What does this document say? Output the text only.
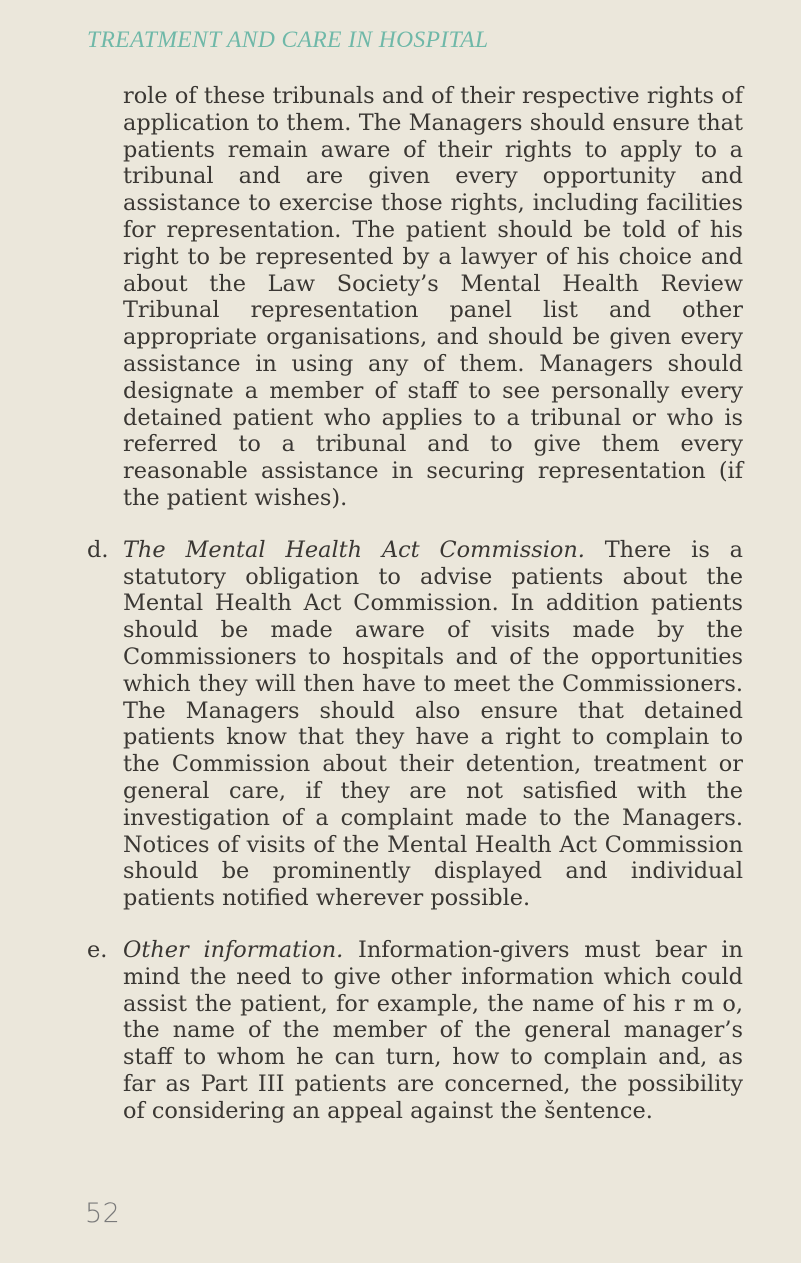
TREATMENT AND CARE IN HOSPITAL

role of these tribunals and of their respective rights of application to them. The Managers should ensure that patients remain aware of their rights to apply to a tribunal and are given every opportunity and assistance to exercise those rights, including facilities for representation. The patient should be told of his right to be represented by a lawyer of his choice and about the Law Society’s Mental Health Review Tribunal representation panel list and other appropriate organisations, and should be given every assistance in using any of them. Managers should designate a member of staff to see personally every detained patient who applies to a tribunal or who is referred to a tribunal and to give them every reasonable assistance in securing representation (if the patient wishes).

d. The Mental Health Act Commission. There is a statutory obligation to advise patients about the Mental Health Act Commission. In addition patients should be made aware of visits made by the Commissioners to hospitals and of the opportunities which they will then have to meet the Commissioners. The Managers should also ensure that detained patients know that they have a right to complain to the Commission about their detention, treatment or general care, if they are not satisfied with the investigation of a complaint made to the Managers. Notices of visits of the Mental Health Act Commission should be prominently displayed and individual patients notified wherever possible.

e. Other information. Information-givers must bear in mind the need to give other information which could assist the patient, for example, the name of his r m o, the name of the member of the general manager’s staff to whom he can turn, how to complain and, as far as Part III patients are concerned, the possibility of considering an appeal against the šentence.

52
